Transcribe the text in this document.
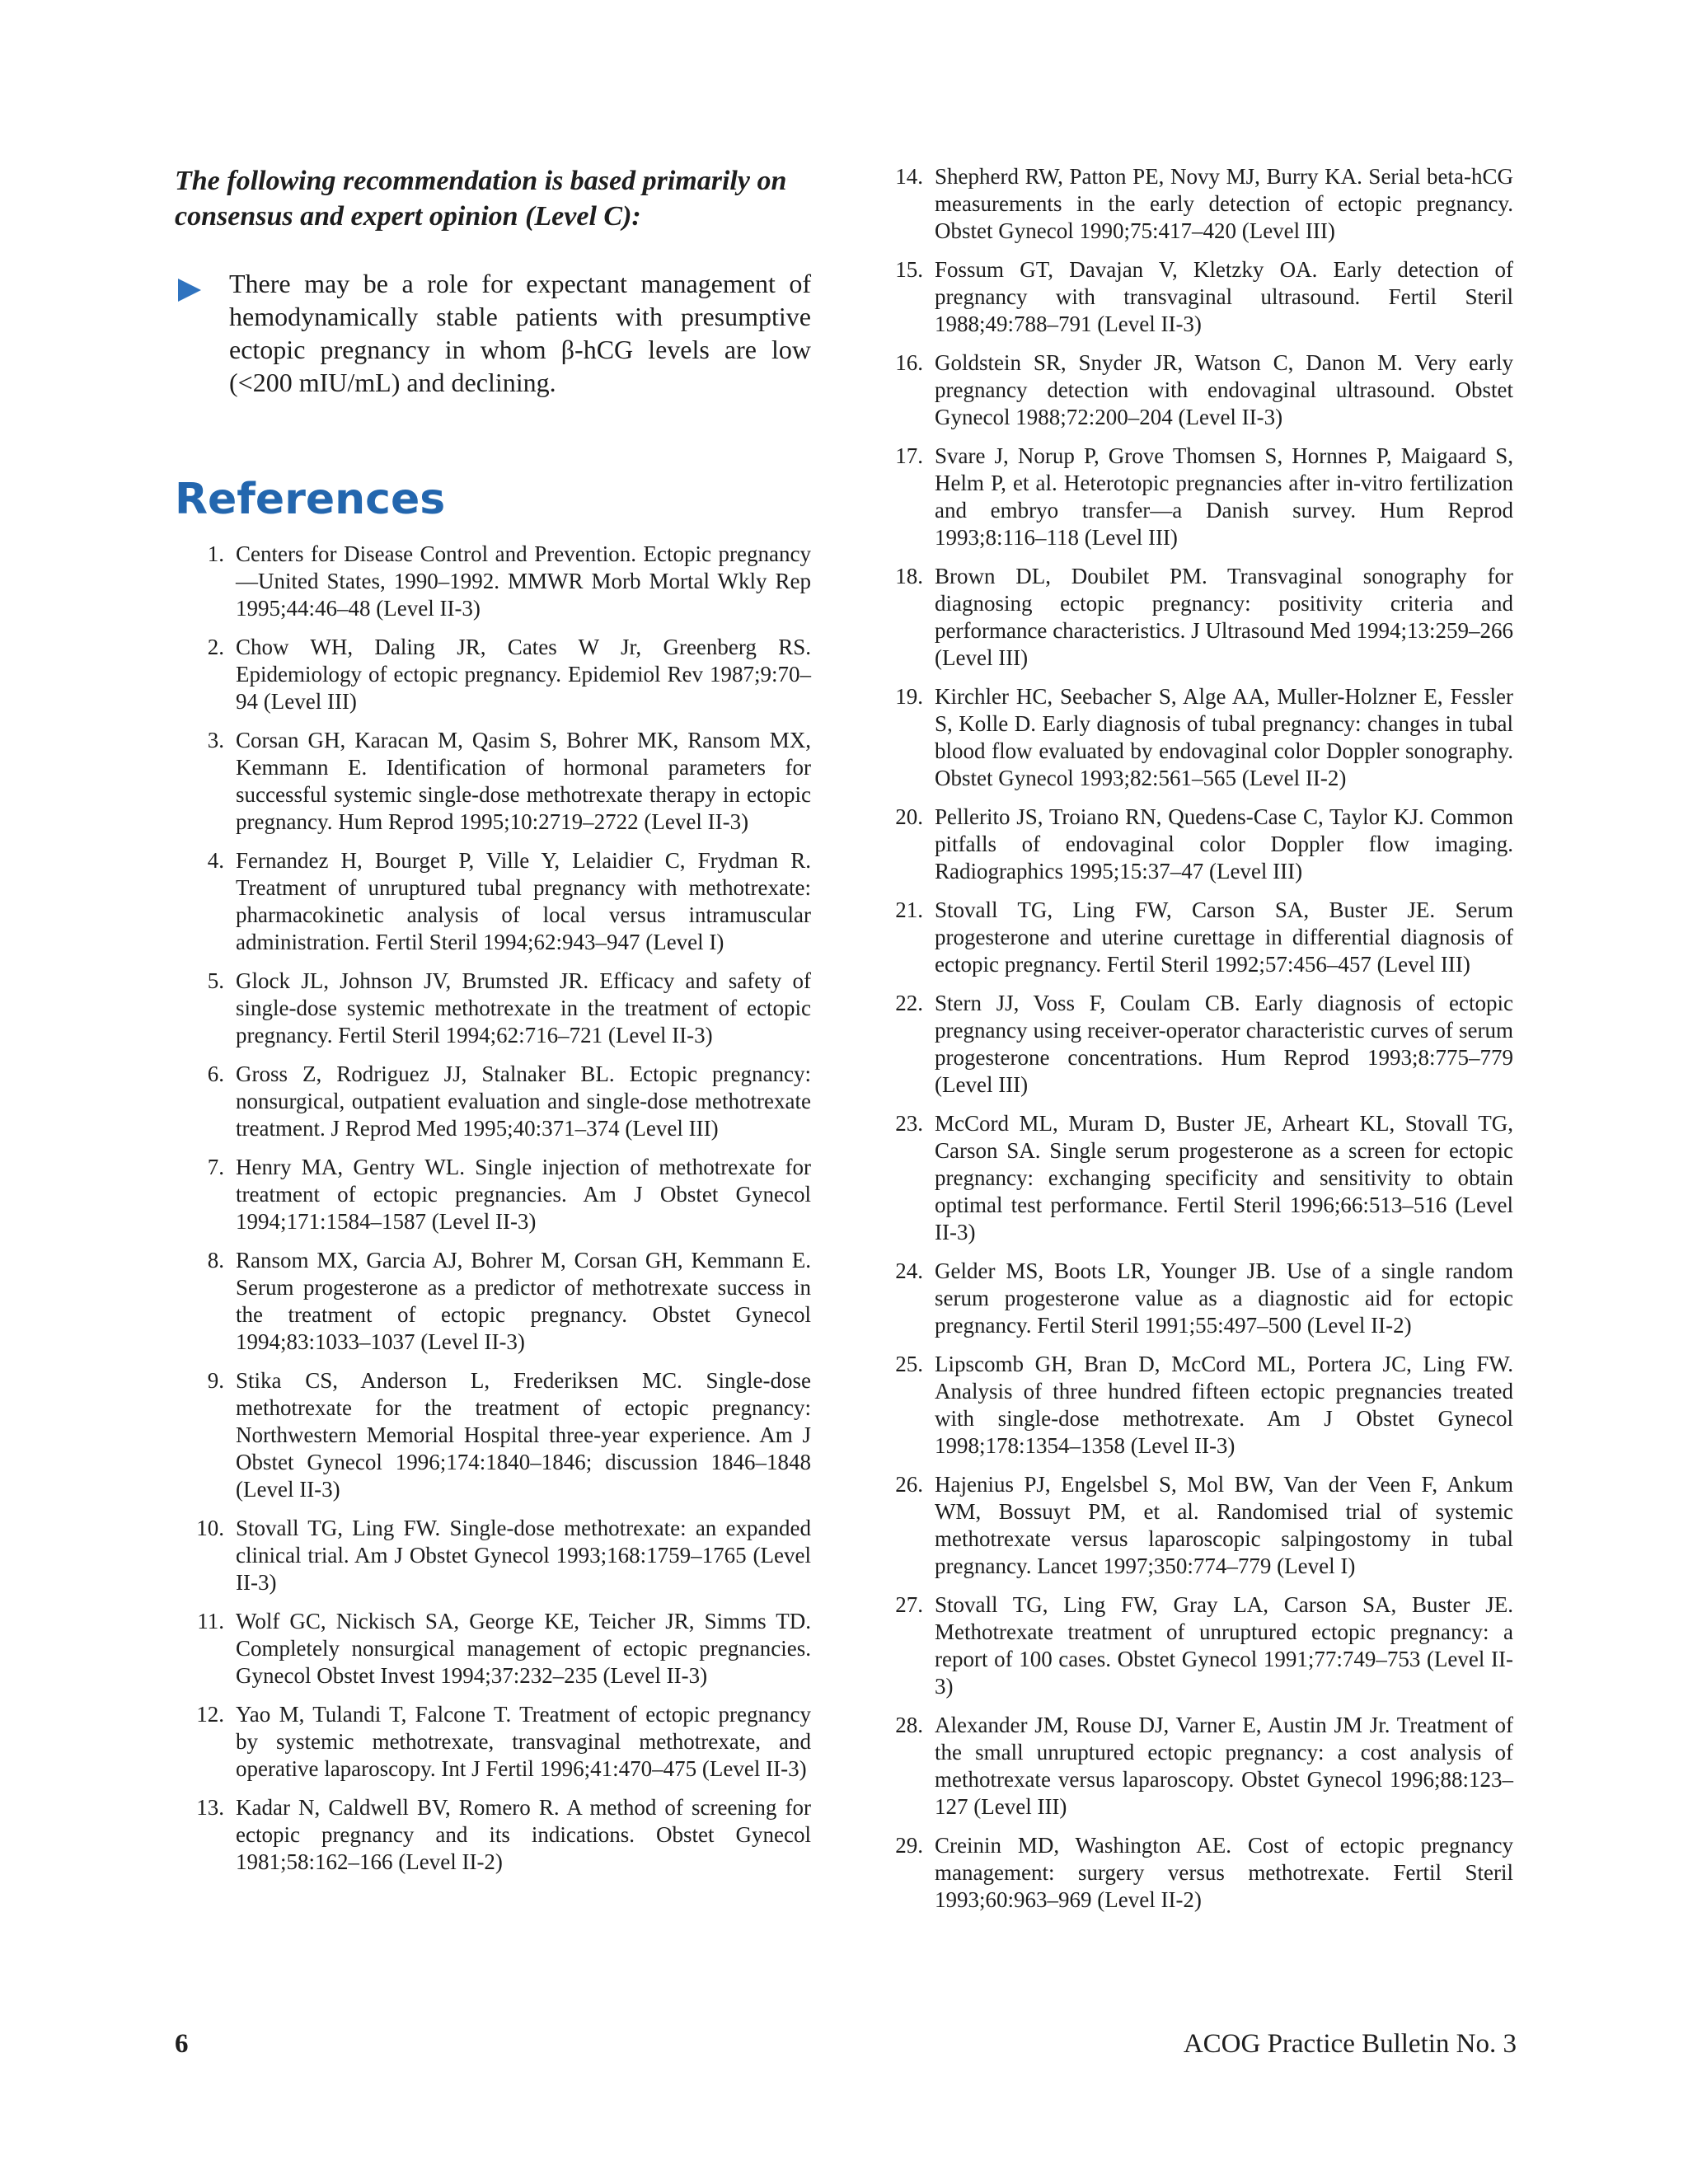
The following recommendation is based primarily on consensus and expert opinion (Level C):

There may be a role for expectant management of hemodynamically stable patients with presumptive ectopic pregnancy in whom β-hCG levels are low (<200 mIU/mL) and declining.
References
1. Centers for Disease Control and Prevention. Ectopic pregnancy—United States, 1990–1992. MMWR Morb Mortal Wkly Rep 1995;44:46–48 (Level II-3)
2. Chow WH, Daling JR, Cates W Jr, Greenberg RS. Epidemiology of ectopic pregnancy. Epidemiol Rev 1987;9:70–94 (Level III)
3. Corsan GH, Karacan M, Qasim S, Bohrer MK, Ransom MX, Kemmann E. Identification of hormonal parameters for successful systemic single-dose methotrexate therapy in ectopic pregnancy. Hum Reprod 1995;10:2719–2722 (Level II-3)
4. Fernandez H, Bourget P, Ville Y, Lelaidier C, Frydman R. Treatment of unruptured tubal pregnancy with methotrexate: pharmacokinetic analysis of local versus intramuscular administration. Fertil Steril 1994;62:943–947 (Level I)
5. Glock JL, Johnson JV, Brumsted JR. Efficacy and safety of single-dose systemic methotrexate in the treatment of ectopic pregnancy. Fertil Steril 1994;62:716–721 (Level II-3)
6. Gross Z, Rodriguez JJ, Stalnaker BL. Ectopic pregnancy: nonsurgical, outpatient evaluation and single-dose methotrexate treatment. J Reprod Med 1995;40:371–374 (Level III)
7. Henry MA, Gentry WL. Single injection of methotrexate for treatment of ectopic pregnancies. Am J Obstet Gynecol 1994;171:1584–1587 (Level II-3)
8. Ransom MX, Garcia AJ, Bohrer M, Corsan GH, Kemmann E. Serum progesterone as a predictor of methotrexate success in the treatment of ectopic pregnancy. Obstet Gynecol 1994;83:1033–1037 (Level II-3)
9. Stika CS, Anderson L, Frederiksen MC. Single-dose methotrexate for the treatment of ectopic pregnancy: Northwestern Memorial Hospital three-year experience. Am J Obstet Gynecol 1996;174:1840–1846; discussion 1846–1848 (Level II-3)
10. Stovall TG, Ling FW. Single-dose methotrexate: an expanded clinical trial. Am J Obstet Gynecol 1993;168:1759–1765 (Level II-3)
11. Wolf GC, Nickisch SA, George KE, Teicher JR, Simms TD. Completely nonsurgical management of ectopic pregnancies. Gynecol Obstet Invest 1994;37:232–235 (Level II-3)
12. Yao M, Tulandi T, Falcone T. Treatment of ectopic pregnancy by systemic methotrexate, transvaginal methotrexate, and operative laparoscopy. Int J Fertil 1996;41:470–475 (Level II-3)
13. Kadar N, Caldwell BV, Romero R. A method of screening for ectopic pregnancy and its indications. Obstet Gynecol 1981;58:162–166 (Level II-2)
14. Shepherd RW, Patton PE, Novy MJ, Burry KA. Serial beta-hCG measurements in the early detection of ectopic pregnancy. Obstet Gynecol 1990;75:417–420 (Level III)
15. Fossum GT, Davajan V, Kletzky OA. Early detection of pregnancy with transvaginal ultrasound. Fertil Steril 1988;49:788–791 (Level II-3)
16. Goldstein SR, Snyder JR, Watson C, Danon M. Very early pregnancy detection with endovaginal ultrasound. Obstet Gynecol 1988;72:200–204 (Level II-3)
17. Svare J, Norup P, Grove Thomsen S, Hornnes P, Maigaard S, Helm P, et al. Heterotopic pregnancies after in-vitro fertilization and embryo transfer—a Danish survey. Hum Reprod 1993;8:116–118 (Level III)
18. Brown DL, Doubilet PM. Transvaginal sonography for diagnosing ectopic pregnancy: positivity criteria and performance characteristics. J Ultrasound Med 1994;13:259–266 (Level III)
19. Kirchler HC, Seebacher S, Alge AA, Muller-Holzner E, Fessler S, Kolle D. Early diagnosis of tubal pregnancy: changes in tubal blood flow evaluated by endovaginal color Doppler sonography. Obstet Gynecol 1993;82:561–565 (Level II-2)
20. Pellerito JS, Troiano RN, Quedens-Case C, Taylor KJ. Common pitfalls of endovaginal color Doppler flow imaging. Radiographics 1995;15:37–47 (Level III)
21. Stovall TG, Ling FW, Carson SA, Buster JE. Serum progesterone and uterine curettage in differential diagnosis of ectopic pregnancy. Fertil Steril 1992;57:456–457 (Level III)
22. Stern JJ, Voss F, Coulam CB. Early diagnosis of ectopic pregnancy using receiver-operator characteristic curves of serum progesterone concentrations. Hum Reprod 1993;8:775–779 (Level III)
23. McCord ML, Muram D, Buster JE, Arheart KL, Stovall TG, Carson SA. Single serum progesterone as a screen for ectopic pregnancy: exchanging specificity and sensitivity to obtain optimal test performance. Fertil Steril 1996;66:513–516 (Level II-3)
24. Gelder MS, Boots LR, Younger JB. Use of a single random serum progesterone value as a diagnostic aid for ectopic pregnancy. Fertil Steril 1991;55:497–500 (Level II-2)
25. Lipscomb GH, Bran D, McCord ML, Portera JC, Ling FW. Analysis of three hundred fifteen ectopic pregnancies treated with single-dose methotrexate. Am J Obstet Gynecol 1998;178:1354–1358 (Level II-3)
26. Hajenius PJ, Engelsbel S, Mol BW, Van der Veen F, Ankum WM, Bossuyt PM, et al. Randomised trial of systemic methotrexate versus laparoscopic salpingostomy in tubal pregnancy. Lancet 1997;350:774–779 (Level I)
27. Stovall TG, Ling FW, Gray LA, Carson SA, Buster JE. Methotrexate treatment of unruptured ectopic pregnancy: a report of 100 cases. Obstet Gynecol 1991;77:749–753 (Level II-3)
28. Alexander JM, Rouse DJ, Varner E, Austin JM Jr. Treatment of the small unruptured ectopic pregnancy: a cost analysis of methotrexate versus laparoscopy. Obstet Gynecol 1996;88:123–127 (Level III)
29. Creinin MD, Washington AE. Cost of ectopic pregnancy management: surgery versus methotrexate. Fertil Steril 1993;60:963–969 (Level II-2)
6	ACOG Practice Bulletin No. 3
